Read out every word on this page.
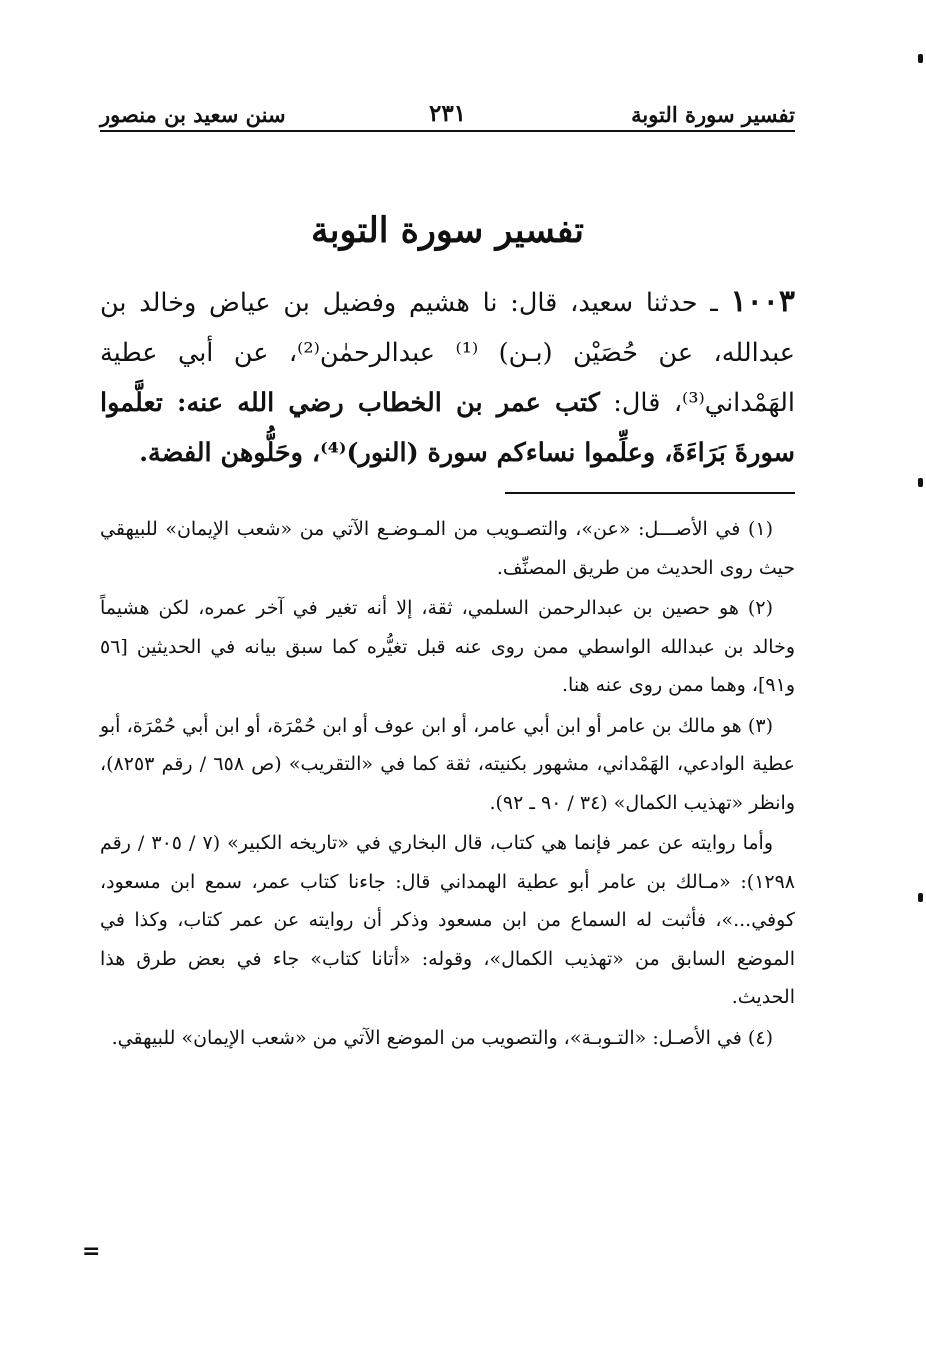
تفسير سورة التوبة
٢٣١
سنن سعيد بن منصور
تفسير سورة التوبة
١٠٠٣ ـ حدثنا سعيد، قال: نا هشيم وفضيل بن عياض وخالد بن عبدالله، عن حُصَيْن (بـن) ⁽¹⁾ عبدالرحمٰن⁽²⁾، عن أبي عطية الهَمْداني⁽³⁾، قال: كتب عمر بن الخطاب رضي الله عنه: تعلَّموا سورةَ بَرَاءَةَ، وعلِّموا نساءكم سورة (النور)⁽⁴⁾، وحَلُّوهن الفضة.

(١) في الأصـــل: «عن»، والتصـويب من المـوضـع الآتي من «شعب الإيمان» للبيهقي حيث روى الحديث من طريق المصنِّف.

(٢) هو حصين بن عبدالرحمن السلمي، ثقة، إلا أنه تغير في آخر عمره، لكن هشيماً وخالد بن عبدالله الواسطي ممن روى عنه قبل تغيُّره كما سبق بيانه في الحديثين [٥٦ و٩١]، وهما ممن روى عنه هنا.

(٣) هو مالك بن عامر أو ابن أبي عامر، أو ابن عوف أو ابن حُمْرَة، أو ابن أبي حُمْرَة، أبو عطية الوادعي، الهَمْداني، مشهور بكنيته، ثقة كما في «التقريب» (ص ٦٥٨ / رقم ٨٢٥٣)، وانظر «تهذيب الكمال» (٣٤ / ٩٠ ـ ٩٢).

وأما روايته عن عمر فإنما هي كتاب، قال البخاري في «تاريخه الكبير» (٧ / ٣٠٥ / رقم ١٢٩٨): «مـالك بن عامر أبو عطية الهمداني قال: جاءنا كتاب عمر، سمع ابن مسعود، كوفي...»، فأثبت له السماع من ابن مسعود وذكر أن روايته عن عمر كتاب، وكذا في الموضع السابق من «تهذيب الكمال»، وقوله: «أتانا كتاب» جاء في بعض طرق هذا الحديث.

(٤) في الأصـل: «التـوبـة»، والتصويب من الموضع الآتي من «شعب الإيمان» للبيهقي.

=
